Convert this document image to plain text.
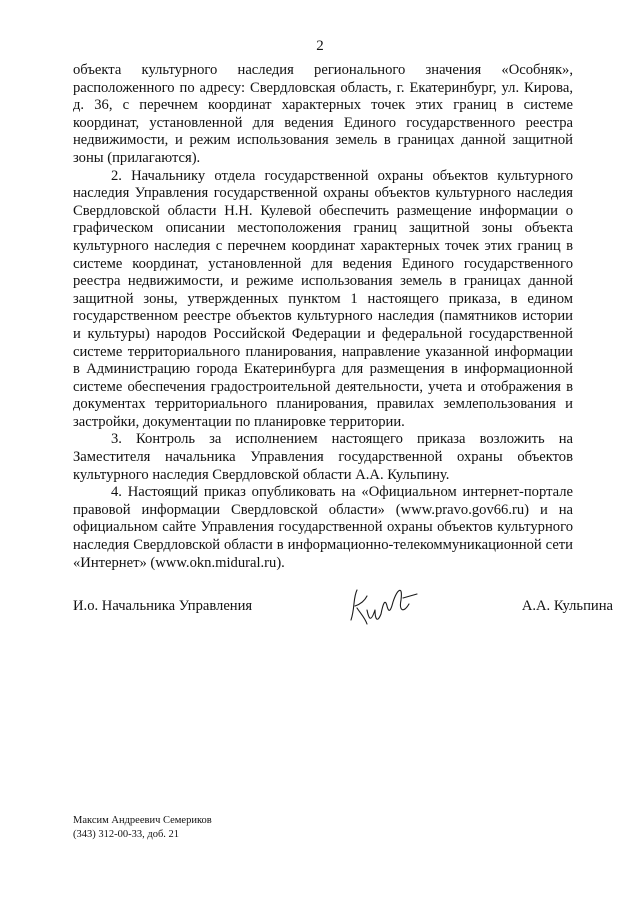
2

объекта культурного наследия регионального значения «Особняк», расположенного по адресу: Свердловская область, г. Екатеринбург, ул. Кирова, д. 36, с перечнем координат характерных точек этих границ в системе координат, установленной для ведения Единого государственного реестра недвижимости, и режим использования земель в границах данной защитной зоны (прилагаются).

2. Начальнику отдела государственной охраны объектов культурного наследия Управления государственной охраны объектов культурного наследия Свердловской области Н.Н. Кулевой обеспечить размещение информации о графическом описании местоположения границ защитной зоны объекта культурного наследия с перечнем координат характерных точек этих границ в системе координат, установленной для ведения Единого государственного реестра недвижимости, и режиме использования земель в границах данной защитной зоны, утвержденных пунктом 1 настоящего приказа, в едином государственном реестре объектов культурного наследия (памятников истории и культуры) народов Российской Федерации и федеральной государственной системе территориального планирования, направление указанной информации в Администрацию города Екатеринбурга для размещения в информационной системе обеспечения градостроительной деятельности, учета и отображения в документах территориального планирования, правилах землепользования и застройки, документации по планировке территории.

3. Контроль за исполнением настоящего приказа возложить на Заместителя начальника Управления государственной охраны объектов культурного наследия Свердловской области А.А. Кульпину.

4. Настоящий приказ опубликовать на «Официальном интернет-портале правовой информации Свердловской области» (www.pravo.gov66.ru) и на официальном сайте Управления государственной охраны объектов культурного наследия Свердловской области в информационно-телекоммуникационной сети «Интернет» (www.okn.midural.ru).

И.о. Начальника Управления	А.А. Кульпина
Максим Андреевич Семериков
(343) 312-00-33, доб. 21
